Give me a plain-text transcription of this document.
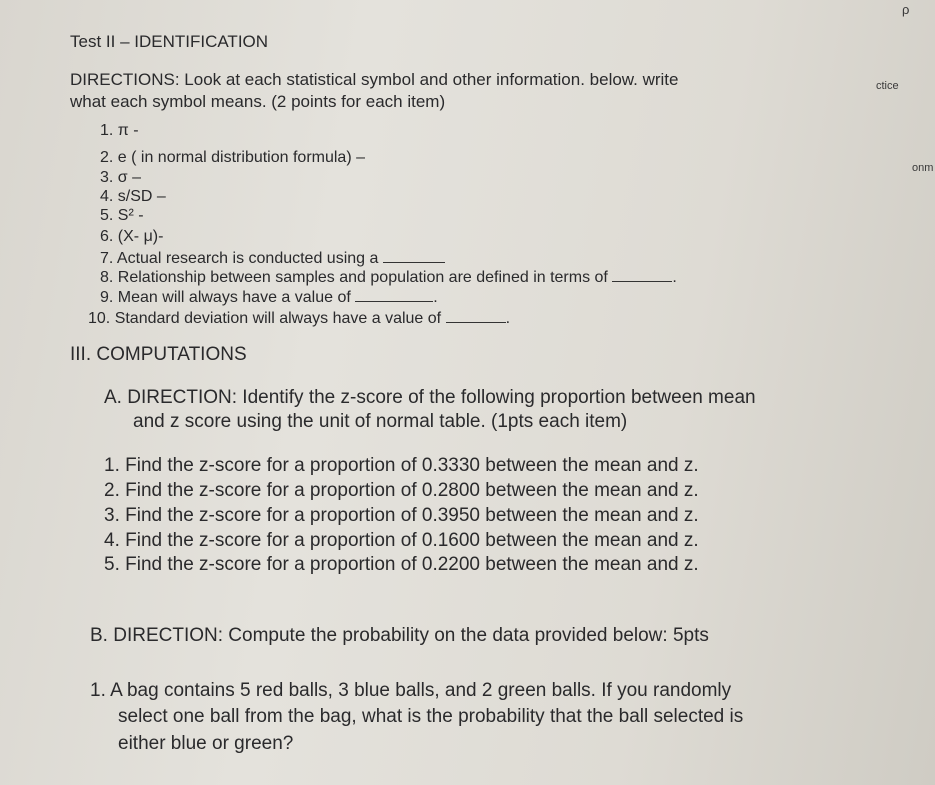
ρ
ctice
onm
Test II – IDENTIFICATION
DIRECTIONS: Look at each statistical symbol and other information. below. write
what each symbol means. (2 points for each item)
1. π -
2. e ( in normal distribution formula) –
3. σ –
4. s/SD –
5. S² -
6. (X- μ)-
7. Actual research is conducted using a
8. Relationship between samples and population are defined in terms of	.
9. Mean will always have a value of	.
10. Standard deviation will always have a value of	.
III. COMPUTATIONS
A. DIRECTION: Identify the z-score of the following proportion between mean
and z score using the unit of normal table. (1pts each item)
1. Find the z-score for a proportion of 0.3330 between the mean and z.
2. Find the z-score for a proportion of 0.2800 between the mean and z.
3. Find the z-score for a proportion of 0.3950 between the mean and z.
4. Find the z-score for a proportion of 0.1600 between the mean and z.
5. Find the z-score for a proportion of 0.2200 between the mean and z.
B. DIRECTION: Compute the probability on the data provided below: 5pts
1. A bag contains 5 red balls, 3 blue balls, and 2 green balls. If you randomly
select one ball from the bag, what is the probability that the ball selected is
either blue or green?
